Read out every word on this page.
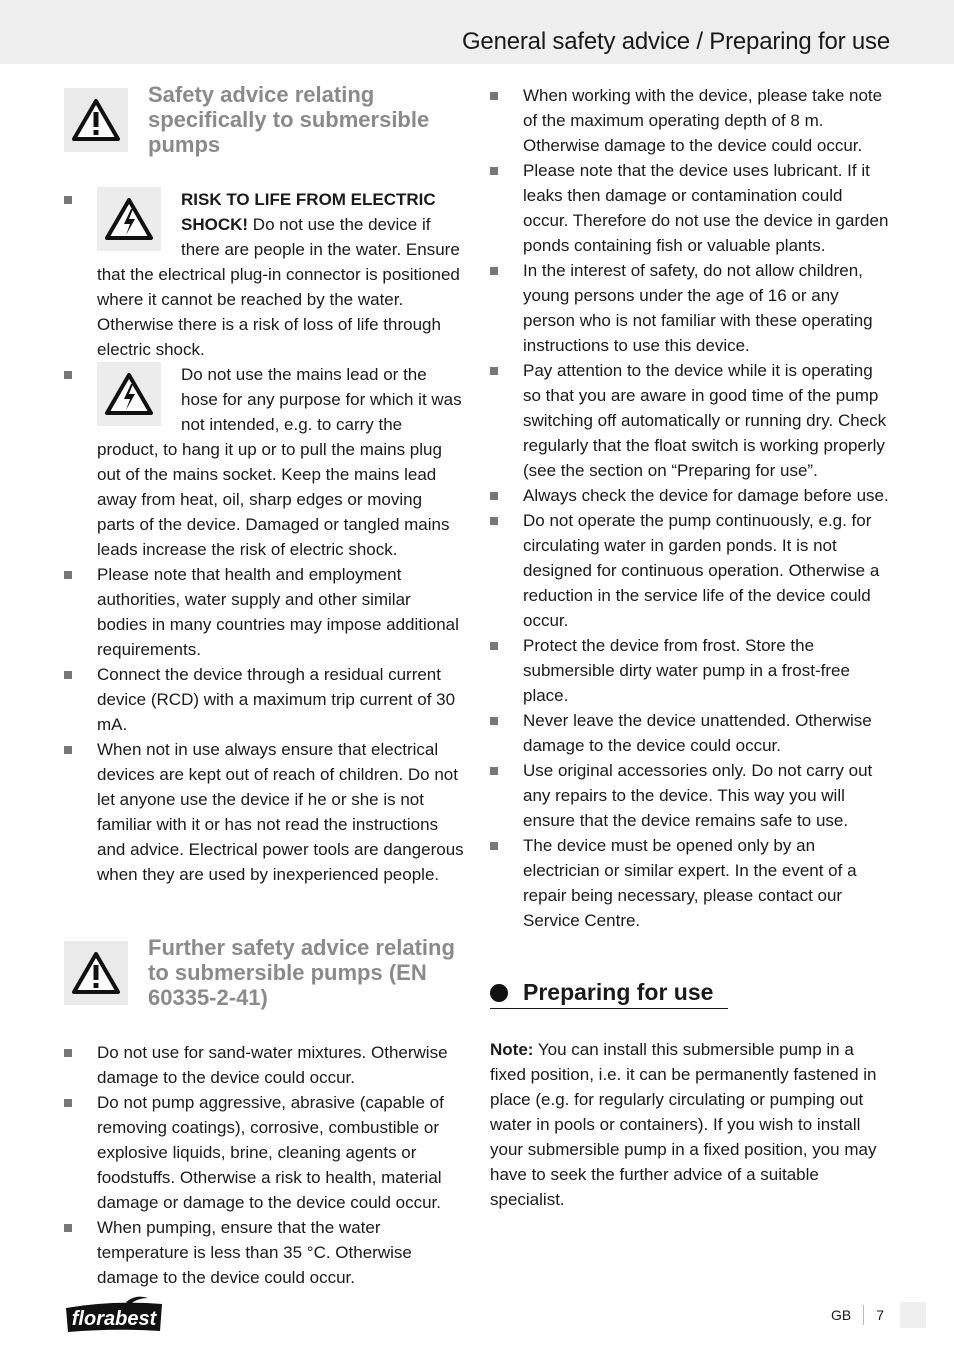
General safety advice / Preparing for use
Safety advice relating specifically to submersible pumps
RISK TO LIFE FROM ELECTRIC SHOCK! Do not use the device if there are people in the water. Ensure that the electrical plug-in connector is positioned where it cannot be reached by the water. Otherwise there is a risk of loss of life through electric shock.
Do not use the mains lead or the hose for any purpose for which it was not intended, e.g. to carry the product, to hang it up or to pull the mains plug out of the mains socket. Keep the mains lead away from heat, oil, sharp edges or moving parts of the device. Damaged or tangled mains leads increase the risk of electric shock.
Please note that health and employment authorities, water supply and other similar bodies in many countries may impose additional requirements.
Connect the device through a residual current device (RCD) with a maximum trip current of 30 mA.
When not in use always ensure that electrical devices are kept out of reach of children. Do not let anyone use the device if he or she is not familiar with it or has not read the instructions and advice. Electrical power tools are dangerous when they are used by inexperienced people.
Further safety advice relating to submersible pumps (EN 60335-2-41)
Do not use for sand-water mixtures. Otherwise damage to the device could occur.
Do not pump aggressive, abrasive (capable of removing coatings), corrosive, combustible or explosive liquids, brine, cleaning agents or foodstuffs. Otherwise a risk to health, material damage or damage to the device could occur.
When pumping, ensure that the water temperature is less than 35 °C. Otherwise damage to the device could occur.
When working with the device, please take note of the maximum operating depth of 8 m. Otherwise damage to the device could occur.
Please note that the device uses lubricant. If it leaks then damage or contamination could occur. Therefore do not use the device in garden ponds containing fish or valuable plants.
In the interest of safety, do not allow children, young persons under the age of 16 or any person who is not familiar with these operating instructions to use this device.
Pay attention to the device while it is operating so that you are aware in good time of the pump switching off automatically or running dry. Check regularly that the float switch is working properly (see the section on “Preparing for use”.
Always check the device for damage before use.
Do not operate the pump continuously, e.g. for circulating water in garden ponds. It is not designed for continuous operation. Otherwise a reduction in the service life of the device could occur.
Protect the device from frost. Store the submersible dirty water pump in a frost-free place.
Never leave the device unattended. Otherwise damage to the device could occur.
Use original accessories only. Do not carry out any repairs to the device. This way you will ensure that the device remains safe to use.
The device must be opened only by an electrician or similar expert. In the event of a repair being necessary, please contact our Service Centre.
Preparing for use
Note: You can install this submersible pump in a fixed position, i.e. it can be permanently fastened in place (e.g. for regularly circulating or pumping out water in pools or containers). If you wish to install your submersible pump in a fixed position, you may have to seek the further advice of a suitable specialist.
florabest	GB 7
